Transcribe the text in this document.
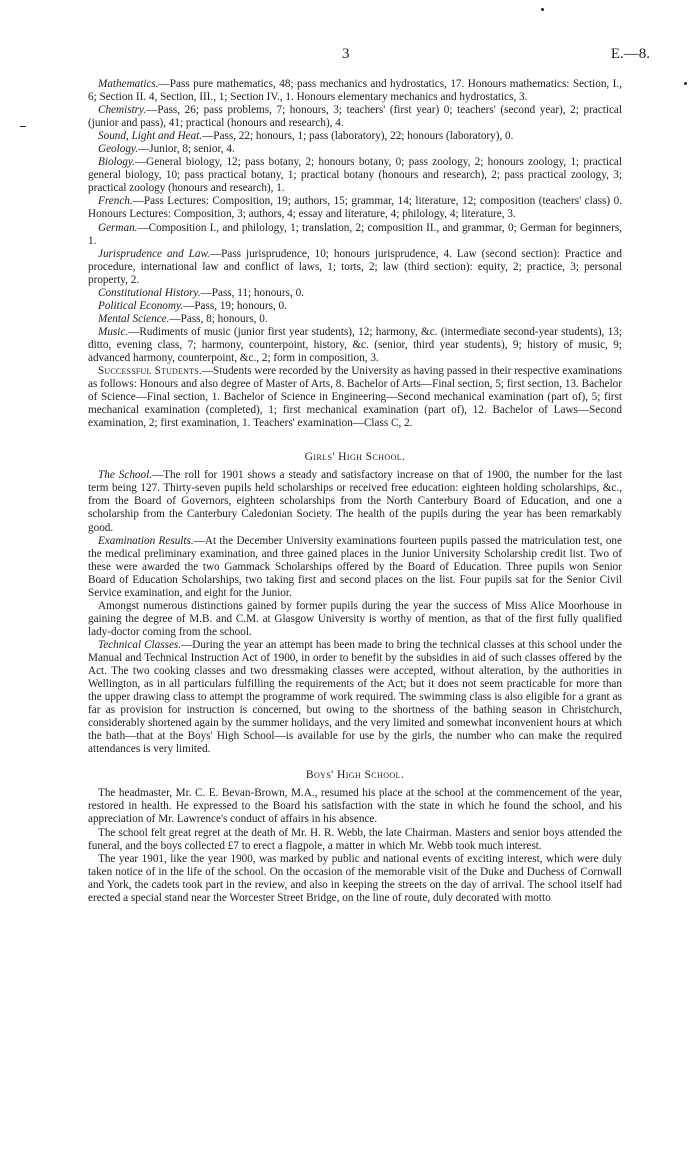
3	E.—8.

Mathematics.—Pass pure mathematics, 48; pass mechanics and hydrostatics, 17. Honours mathematics: Section, I., 6; Section II. 4, Section, III., 1; Section IV., 1. Honours elementary mechanics and hydrostatics, 3.

Chemistry.—Pass, 26; pass problems, 7; honours, 3; teachers' (first year) 0; teachers' (second year), 2; practical (junior and pass), 41; practical (honours and research), 4.

Sound, Light and Heat.—Pass, 22; honours, 1; pass (laboratory), 22; honours (laboratory), 0.

Geology.—Junior, 8; senior, 4.

Biology.—General biology, 12; pass botany, 2; honours botany, 0; pass zoology, 2; honours zoology, 1; practical general biology, 10; pass practical botany, 1; practical botany (honours and research), 2; pass practical zoology, 3; practical zoology (honours and research), 1.

French.—Pass Lectures: Composition, 19; authors, 15; grammar, 14; literature, 12; composition (teachers' class) 0. Honours Lectures: Composition, 3; authors, 4; essay and literature, 4; philology, 4; literature, 3.

German.—Composition I., and philology, 1; translation, 2; composition II., and grammar, 0; German for beginners, 1.

Jurisprudence and Law.—Pass jurisprudence, 10; honours jurisprudence, 4. Law (second section): Practice and procedure, international law and conflict of laws, 1; torts, 2; law (third section): equity, 2; practice, 3; personal property, 2.

Constitutional History.—Pass, 11; honours, 0.

Political Economy.—Pass, 19; honours, 0.

Mental Science.—Pass, 8; honours, 0.

Music.—Rudiments of music (junior first year students), 12; harmony, &c. (intermediate second-year students), 13; ditto, evening class, 7; harmony, counterpoint, history, &c. (senior, third year students), 9; history of music, 9; advanced harmony, counterpoint, &c., 2; form in composition, 3.

Successful Students.—Students were recorded by the University as having passed in their respective examinations as follows: Honours and also degree of Master of Arts, 8. Bachelor of Arts—Final section, 5; first section, 13. Bachelor of Science—Final section, 1. Bachelor of Science in Engineering—Second mechanical examination (part of), 5; first mechanical examination (completed), 1; first mechanical examination (part of), 12. Bachelor of Laws—Second examination, 2; first examination, 1. Teachers' examination—Class C, 2.

Girls' High School.

The School.—The roll for 1901 shows a steady and satisfactory increase on that of 1900, the number for the last term being 127. Thirty-seven pupils held scholarships or received free education: eighteen holding scholarships, &c., from the Board of Governors, eighteen scholarships from the North Canterbury Board of Education, and one a scholarship from the Canterbury Caledonian Society. The health of the pupils during the year has been remarkably good.

Examination Results.—At the December University examinations fourteen pupils passed the matriculation test, one the medical preliminary examination, and three gained places in the Junior University Scholarship credit list. Two of these were awarded the two Gammack Scholarships offered by the Board of Education. Three pupils won Senior Board of Education Scholarships, two taking first and second places on the list. Four pupils sat for the Senior Civil Service examination, and eight for the Junior.

Amongst numerous distinctions gained by former pupils during the year the success of Miss Alice Moorhouse in gaining the degree of M.B. and C.M. at Glasgow University is worthy of mention, as that of the first fully qualified lady-doctor coming from the school.

Technical Classes.—During the year an attempt has been made to bring the technical classes at this school under the Manual and Technical Instruction Act of 1900, in order to benefit by the subsidies in aid of such classes offered by the Act. The two cooking classes and two dressmaking classes were accepted, without alteration, by the authorities in Wellington, as in all particulars fulfilling the requirements of the Act; but it does not seem practicable for more than the upper drawing class to attempt the programme of work required. The swimming class is also eligible for a grant as far as provision for instruction is concerned, but owing to the shortness of the bathing season in Christchurch, considerably shortened again by the summer holidays, and the very limited and somewhat inconvenient hours at which the bath—that at the Boys' High School—is available for use by the girls, the number who can make the required attendances is very limited.

Boys' High School.

The headmaster, Mr. C. E. Bevan-Brown, M.A., resumed his place at the school at the commencement of the year, restored in health. He expressed to the Board his satisfaction with the state in which he found the school, and his appreciation of Mr. Lawrence's conduct of affairs in his absence.

The school felt great regret at the death of Mr. H. R. Webb, the late Chairman. Masters and senior boys attended the funeral, and the boys collected £7 to erect a flagpole, a matter in which Mr. Webb took much interest.

The year 1901, like the year 1900, was marked by public and national events of exciting interest, which were duly taken notice of in the life of the school. On the occasion of the memorable visit of the Duke and Duchess of Cornwall and York, the cadets took part in the review, and also in keeping the streets on the day of arrival. The school itself had erected a special stand near the Worcester Street Bridge, on the line of route, duly decorated with motto
